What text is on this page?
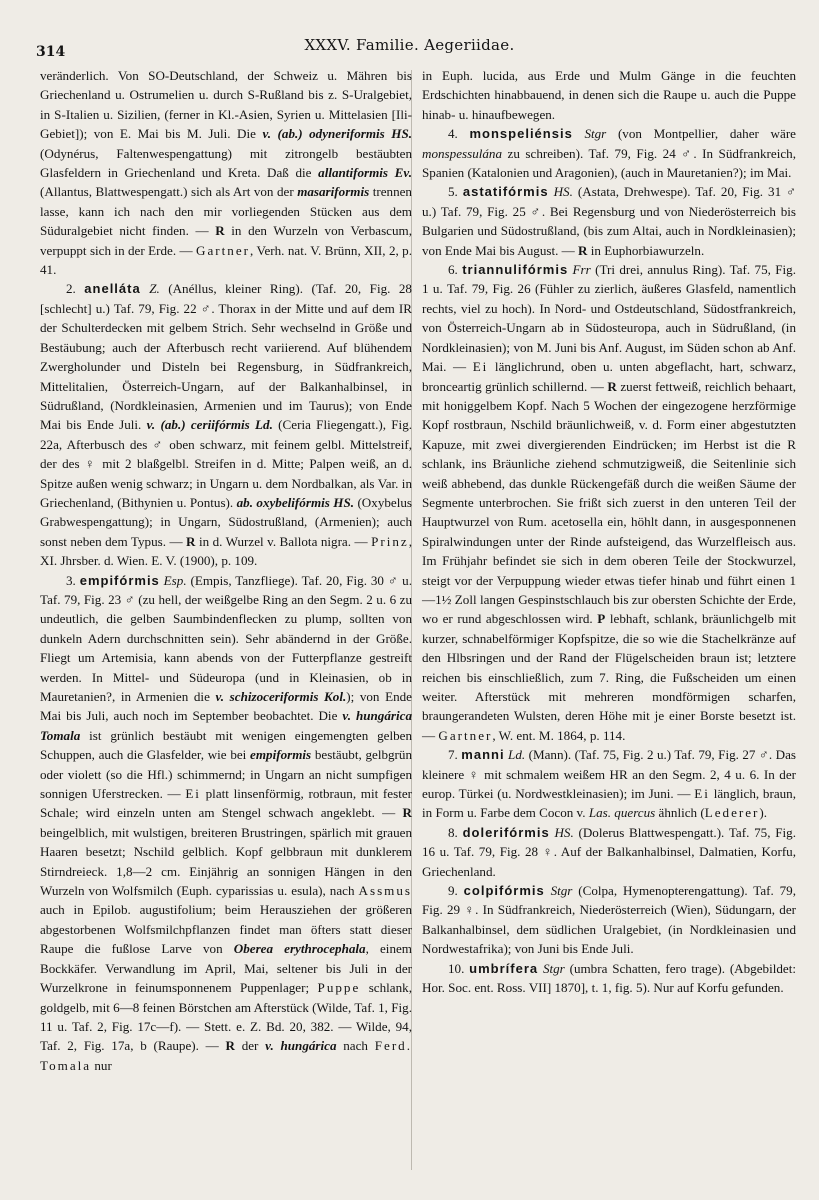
314	XXXV. Familie. Aegeriidae.

veränderlich. Von SO-Deutschland, der Schweiz u. Mähren bis Griechenland u. Ostrumelien u. durch S-Rußland bis z. S-Uralgebiet, in S-Italien u. Sizilien, (ferner in Kl.-Asien, Syrien u. Mittelasien [Ili-Gebiet]); von E. Mai bis M. Juli. Die v. (ab.) odyneriformis HS. (Odynérus, Faltenwespengattung) mit zitrongelb bestäubten Glasfeldern in Griechenland und Kreta. Daß die allantiformis Ev. (Allantus, Blattwespengatt.) sich als Art von der masariformis trennen lasse, kann ich nach den mir vorliegenden Stücken aus dem Süduralgebiet nicht finden. — R in den Wurzeln von Verbascum, verpuppt sich in der Erde. — Gartner, Verh. nat. V. Brünn, XII, 2, p. 41.

2. anelláta Z. (Anéllus, kleiner Ring). (Taf. 20, Fig. 28 [schlecht] u.) Taf. 79, Fig. 22 ♂. Thorax in der Mitte und auf dem IR der Schulterdecken mit gelbem Strich. Sehr wechselnd in Größe und Bestäubung; auch der Afterbusch recht variierend. Auf blühendem Zwergholunder und Disteln bei Regensburg, in Südfrankreich, Mittelitalien, Österreich-Ungarn, auf der Balkanhalbinsel, in Südrußland, (Nordkleinasien, Armenien und im Taurus); von Ende Mai bis Ende Juli. v. (ab.) ceriifórmis Ld. (Ceria Fliegengatt.), Fig. 22a, Afterbusch des ♂ oben schwarz, mit feinem gelbl. Mittelstreif, der des ♀ mit 2 blaßgelbl. Streifen in d. Mitte; Palpen weiß, an d. Spitze außen wenig schwarz; in Ungarn u. dem Nordbalkan, als Var. in Griechenland, (Bithynien u. Pontus). ab. oxybelifórmis HS. (Oxybelus Grabwespengattung); in Ungarn, Südostrußland, (Armenien); auch sonst neben dem Typus. — R in d. Wurzel v. Ballota nigra. — Prinz, XI. Jhrsber. d. Wien. E. V. (1900), p. 109.

3. empifórmis Esp. (Empis, Tanzfliege). Taf. 20, Fig. 30 ♂ u. Taf. 79, Fig. 23 ♂ (zu hell, der weißgelbe Ring an den Segm. 2 u. 6 zu undeutlich, die gelben Saumbindenflecken zu plump, sollten von dunkeln Adern durchschnitten sein). Sehr abändernd in der Größe. Fliegt um Artemisia, kann abends von der Futterpflanze gestreift werden. In Mittel- und Südeuropa (und in Kleinasien, ob in Mauretanien?, in Armenien die v. schizoceriformis Kol.); von Ende Mai bis Juli, auch noch im September beobachtet. Die v. hungárica Tomala ist grünlich bestäubt mit wenigen eingemengten gelben Schuppen, auch die Glasfelder, wie bei empiformis bestäubt, gelbgrün oder violett (so die Hfl.) schimmernd; in Ungarn an nicht sumpfigen sonnigen Uferstrecken. — Ei platt linsenförmig, rotbraun, mit fester Schale; wird einzeln unten am Stengel schwach angeklebt. — R beingelblich, mit wulstigen, breiteren Brustringen, spärlich mit grauen Haaren besetzt; Nschild gelblich. Kopf gelbbraun mit dunklerem Stirndreieck. 1,8—2 cm. Einjährig an sonnigen Hängen in den Wurzeln von Wolfsmilch (Euph. cyparissias u. esula), nach Assmus auch in Epilob. augustifolium; beim Herausziehen der größeren abgestorbenen Wolfsmilchpflanzen findet man öfters statt dieser Raupe die fußlose Larve von Oberea erythrocephala, einem Bockkäfer. Verwandlung im April, Mai, seltener bis Juli in der Wurzelkrone in feinumsponnenem Puppenlager; Puppe schlank, goldgelb, mit 6—8 feinen Börstchen am Afterstück (Wilde, Taf. 1, Fig. 11 u. Taf. 2, Fig. 17c—f). — Stett. e. Z. Bd. 20, 382. — Wilde, 94, Taf. 2, Fig. 17a, b (Raupe). — R der v. hungárica nach Ferd. Tomala nur

in Euph. lucida, aus Erde und Mulm Gänge in die feuchten Erdschichten hinabbauend, in denen sich die Raupe u. auch die Puppe hinab- u. hinaufbewegen.

4. monspeliénsis Stgr (von Montpellier, daher wäre monspessulána zu schreiben). Taf. 79, Fig. 24 ♂. In Südfrankreich, Spanien (Katalonien und Aragonien), (auch in Mauretanien?); im Mai.

5. astatifórmis HS. (Astata, Drehwespe). Taf. 20, Fig. 31 ♂ u.) Taf. 79, Fig. 25 ♂. Bei Regensburg und von Niederösterreich bis Bulgarien und Südostrußland, (bis zum Altai, auch in Nordkleinasien); von Ende Mai bis August. — R in Euphorbiawurzeln.

6. triannulifórmis Frr (Tri drei, annulus Ring). Taf. 75, Fig. 1 u. Taf. 79, Fig. 26 (Fühler zu zierlich, äußeres Glasfeld, namentlich rechts, viel zu hoch). In Nord- und Ostdeutschland, Südostfrankreich, von Österreich-Ungarn ab in Südosteuropa, auch in Südrußland, (in Nordkleinasien); von M. Juni bis Anf. August, im Süden schon ab Anf. Mai. — Ei länglichrund, oben u. unten abgeflacht, hart, schwarz, broncеartig grünlich schillernd. — R zuerst fettweiß, reichlich behaart, mit honiggelbem Kopf. Nach 5 Wochen der eingezogene herzförmige Kopf rostbraun, Nschild bräunlichweiß, v. d. Form einer abgestutzten Kapuze, mit zwei divergierenden Eindrücken; im Herbst ist die R schlank, ins Bräunliche ziehend schmutzigweiß, die Seitenlinie sich weiß abhebend, das dunkle Rückengefäß durch die weißen Säume der Segmente unterbrochen. Sie frißt sich zuerst in den unteren Teil der Hauptwurzel von Rum. acetosella ein, höhlt dann, in ausgesponnenen Spiralwindungen unter der Rinde aufsteigend, das Wurzelfleisch aus. Im Frühjahr befindet sie sich in dem oberen Teile der Stockwurzel, steigt vor der Verpuppung wieder etwas tiefer hinab und führt einen 1—1½ Zoll langen Gespinstschlauch bis zur obersten Schichte der Erde, wo er rund abgeschlossen wird. P lebhaft, schlank, bräunlichgelb mit kurzer, schnabelförmiger Kopfspitze, die so wie die Stachelkränze auf den Hlbsringen und der Rand der Flügelscheiden braun ist; letztere reichen bis einschließlich, zum 7. Ring, die Fußscheiden um einen weiter. Afterstück mit mehreren mondförmigen scharfen, braungerandeten Wulsten, deren Höhe mit je einer Borste besetzt ist. — Gartner, W. ent. M. 1864, p. 114.

7. manni Ld. (Mann). (Taf. 75, Fig. 2 u.) Taf. 79, Fig. 27 ♂. Das kleinere ♀ mit schmalem weißem HR an den Segm. 2, 4 u. 6. In der europ. Türkei (u. Nordwestkleinasien); im Juni. — Ei länglich, braun, in Form u. Farbe dem Cocon v. Las. quercus ähnlich (Lederer).

8. dolerifórmis HS. (Dolerus Blattwespengatt.). Taf. 75, Fig. 16 u. Taf. 79, Fig. 28 ♀. Auf der Balkanhalbinsel, Dalmatien, Korfu, Griechenland.

9. colpifórmis Stgr (Colpa, Hymenopterengattung). Taf. 79, Fig. 29 ♀. In Südfrankreich, Niederösterreich (Wien), Südungarn, der Balkanhalbinsel, dem südlichen Uralgebiet, (in Nordkleinasien und Nordwestafrika); von Juni bis Ende Juli.

10. umbrífera Stgr (umbra Schatten, fero trage). (Abgebildet: Hor. Soc. ent. Ross. VII] 1870], t. 1, fig. 5). Nur auf Korfu gefunden.
